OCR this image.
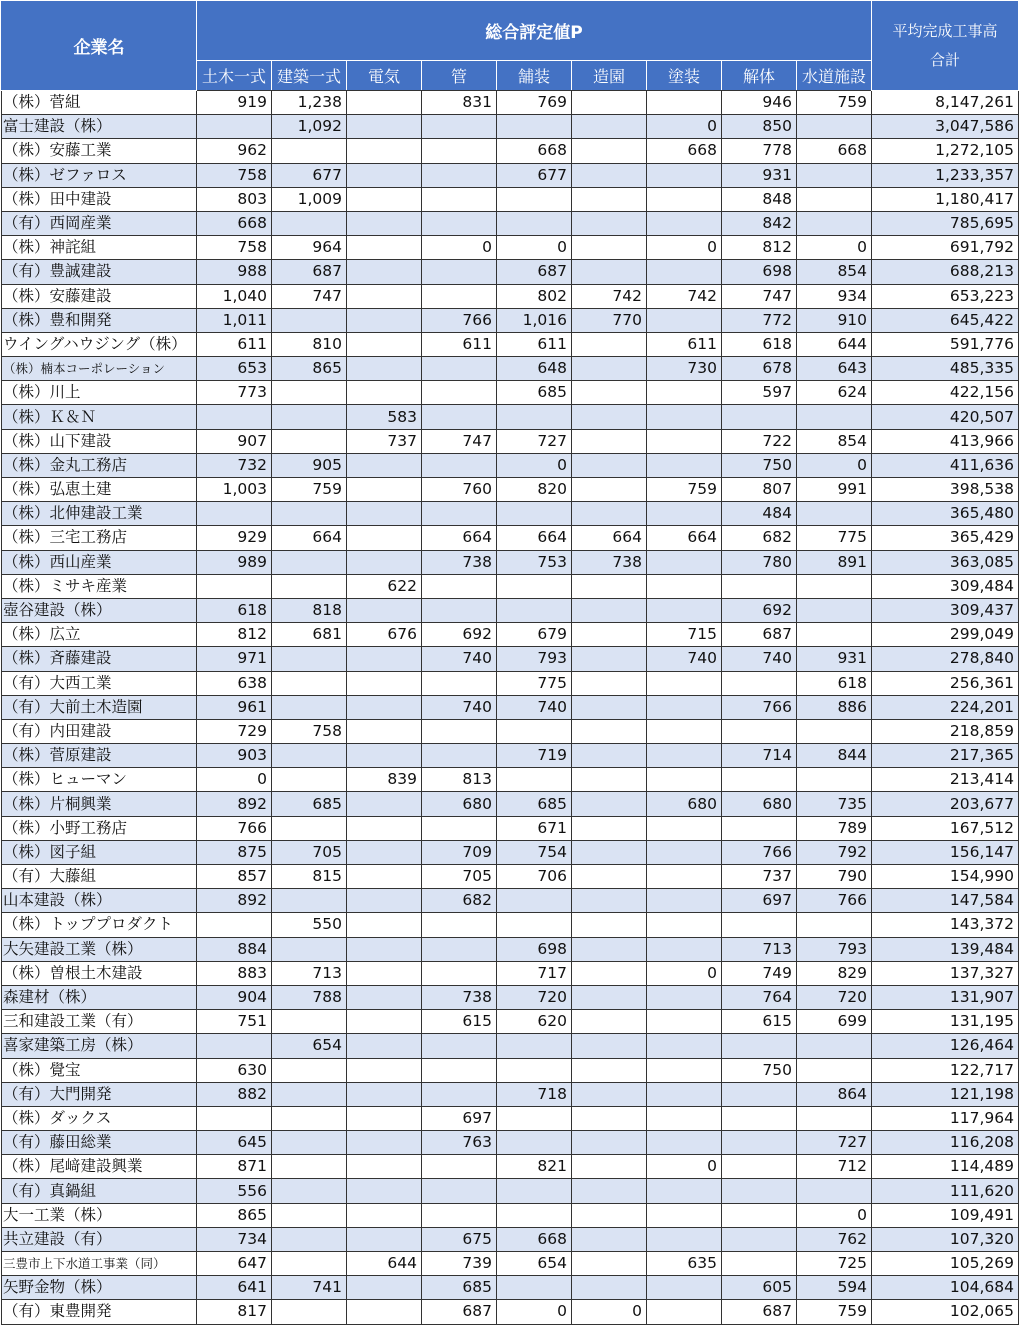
企業名	総合評定値P									平均完成工事高
合計
	土木一式	建築一式	電気	管	舗装	造園	塗装	解体	水道施設	
（株）菅組	919	1,238		831	769			946	759	8,147,261
富士建設（株）		1,092					0	850		3,047,586
（株）安藤工業	962				668		668	778	668	1,272,105
（株）ゼファロス	758	677			677			931		1,233,357
（株）田中建設	803	1,009						848		1,180,417
（有）西岡産業	668							842		785,695
（株）神詫組	758	964		0	0		0	812	0	691,792
（有）豊誠建設	988	687			687			698	854	688,213
（株）安藤建設	1,040	747			802	742	742	747	934	653,223
（株）豊和開発	1,011			766	1,016	770		772	910	645,422
ウイングハウジング（株）	611	810		611	611		611	618	644	591,776
（株）楠本コーポレーション	653	865			648		730	678	643	485,335
（株）川上	773				685			597	624	422,156
（株）Ｋ＆Ｎ			583							420,507
（株）山下建設	907		737	747	727			722	854	413,966
（株）金丸工務店	732	905			0			750	0	411,636
（株）弘恵土建	1,003	759		760	820		759	807	991	398,538
（株）北伸建設工業								484		365,480
（株）三宅工務店	929	664		664	664	664	664	682	775	365,429
（株）西山産業	989			738	753	738		780	891	363,085
（株）ミサキ産業			622							309,484
壺谷建設（株）	618	818						692		309,437
（株）広立	812	681	676	692	679		715	687		299,049
（株）斉藤建設	971			740	793		740	740	931	278,840
（有）大西工業	638				775				618	256,361
（有）大前土木造園	961			740	740			766	886	224,201
（有）内田建設	729	758								218,859
（株）菅原建設	903				719			714	844	217,365
（株）ヒューマン	0		839	813						213,414
（株）片桐興業	892	685		680	685		680	680	735	203,677
（株）小野工務店	766				671				789	167,512
（株）図子組	875	705		709	754			766	792	156,147
（有）大藤組	857	815		705	706			737	790	154,990
山本建設（株）	892			682				697	766	147,584
（株）トッププロダクト		550								143,372
大矢建設工業（株）	884				698			713	793	139,484
（株）曽根土木建設	883	713			717		0	749	829	137,327
森建材（株）	904	788		738	720			764	720	131,907
三和建設工業（有）	751			615	620			615	699	131,195
喜家建築工房（株）		654								126,464
（株）覺宝	630							750		122,717
（有）大門開発	882				718				864	121,198
（株）ダックス				697						117,964
（有）藤田総業	645			763					727	116,208
（株）尾﨑建設興業	871				821		0		712	114,489
（有）真鍋組	556									111,620
大一工業（株）	865								0	109,491
共立建設（有）	734			675	668				762	107,320
三豊市上下水道工事業（同）	647		644	739	654		635		725	105,269
矢野金物（株）	641	741		685				605	594	104,684
（有）東豊開発	817			687	0	0		687	759	102,065
